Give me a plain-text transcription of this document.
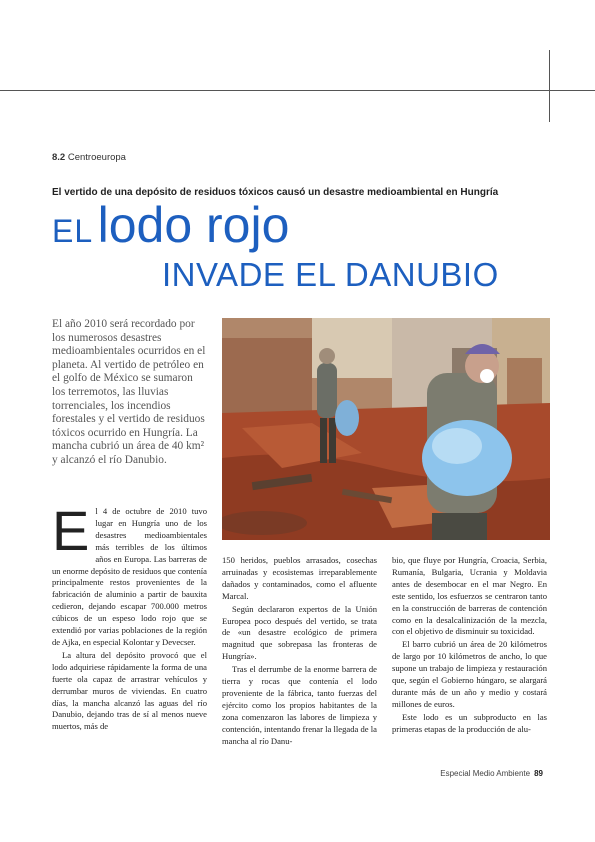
8.2 Centroeuropa
El vertido de una depósito de residuos tóxicos causó un desastre medioambiental en Hungría
EL lodo rojo
INVADE EL DANUBIO
El año 2010 será recordado por los numerosos desastres medioambientales ocurridos en el planeta. Al vertido de petróleo en el golfo de México se sumaron los terremotos, las lluvias torrenciales, los incendios forestales y el vertido de residuos tóxicos ocurrido en Hungría. La mancha cubrió un área de 40 km² y alcanzó el río Danubio.
E l 4 de octubre de 2010 tuvo lugar en Hungría uno de los desastres medioambientales más terribles de los últimos años en Europa. Las barreras de un enorme depósito de residuos que contenía principalmente restos provenientes de la fabricación de aluminio a partir de bauxita cedieron, dejando escapar 700.000 metros cúbicos de un espeso lodo rojo que se extendió por varias poblaciones de la región de Ajka, en especial Kolontar y Devecser.

La altura del depósito provocó que el lodo adquiriese rápidamente la forma de una fuerte ola capaz de arrastrar vehículos y derrumbar muros de viviendas. En cuatro días, la mancha alcanzó las aguas del río Danubio, dejando tras de sí al menos nueve muertos, más de

150 heridos, pueblos arrasados, cosechas arruinadas y ecosistemas irreparablemente dañados y contaminados, como el afluente Marcal.

Según declararon expertos de la Unión Europea poco después del vertido, se trata de «un desastre ecológico de primera magnitud que sobrepasa las fronteras de Hungría».

Tras el derrumbe de la enorme barrera de tierra y rocas que contenía el lodo proveniente de la fábrica, tanto fuerzas del ejército como los propios habitantes de la zona comenzaron las labores de limpieza y contención, intentando frenar la llegada de la mancha al río Danu-

bio, que fluye por Hungría, Croacia, Serbia, Rumanía, Bulgaria, Ucrania y Moldavia antes de desembocar en el mar Negro. En este sentido, los esfuerzos se centraron tanto en la construcción de barreras de contención como en la desalcalinización de la mezcla, con el objetivo de disminuir su toxicidad.

El barro cubrió un área de 20 kilómetros de largo por 10 kilómetros de ancho, lo que supone un trabajo de limpieza y restauración que, según el Gobierno húngaro, se alargará durante más de un año y medio y costará millones de euros.

Este lodo es un subproducto en las primeras etapas de la producción de alu-

Especial Medio Ambiente 89
